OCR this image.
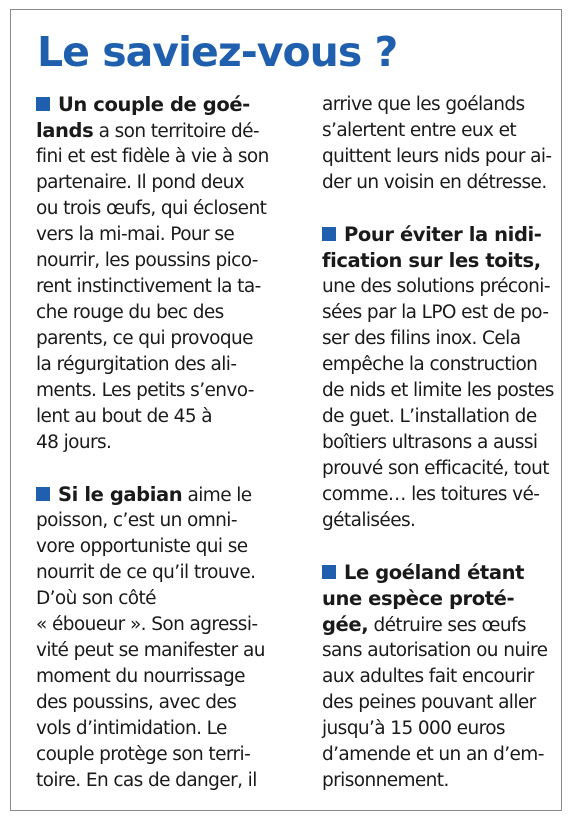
Le saviez-vous ?
Un couple de goé-
lands a son territoire dé-
fini et est fidèle à vie à son
partenaire. Il pond deux
ou trois œufs, qui éclosent
vers la mi-mai. Pour se
nourrir, les poussins pico-
rent instinctivement la ta-
che rouge du bec des
parents, ce qui provoque
la régurgitation des ali-
ments. Les petits s’envo-
lent au bout de 45 à
48 jours.
Si le gabian aime le
poisson, c’est un omni-
vore opportuniste qui se
nourrit de ce qu’il trouve.
D’où son côté
« éboueur ». Son agressi-
vité peut se manifester au
moment du nourrissage
des poussins, avec des
vols d’intimidation. Le
couple protège son terri-
toire. En cas de danger, il
arrive que les goélands
s’alertent entre eux et
quittent leurs nids pour ai-
der un voisin en détresse.
Pour éviter la nidi-
fication sur les toits,
une des solutions préconi-
sées par la LPO est de po-
ser des filins inox. Cela
empêche la construction
de nids et limite les postes
de guet. L’installation de
boîtiers ultrasons a aussi
prouvé son efficacité, tout
comme… les toitures vé-
gétalisées.
Le goéland étant
une espèce proté-
gée, détruire ses œufs
sans autorisation ou nuire
aux adultes fait encourir
des peines pouvant aller
jusqu’à 15 000 euros
d’amende et un an d’em-
prisonnement.
